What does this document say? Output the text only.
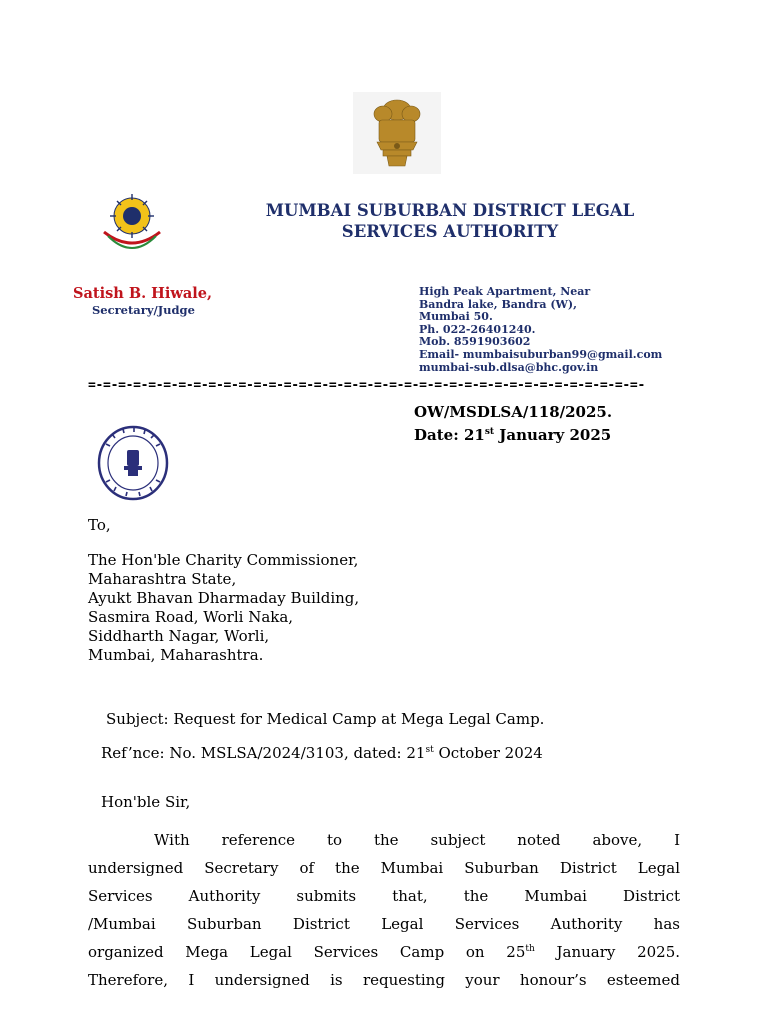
MUMBAI SUBURBAN DISTRICT LEGAL
SERVICES AUTHORITY
Satish B. Hiwale,
Secretary/Judge
High Peak Apartment, Near
Bandra lake, Bandra (W),
Mumbai 50.
Ph. 022-26401240.
Mob. 8591903602
Email- mumbaisuburban99@gmail.com
mumbai-sub.dlsa@bhc.gov.in
=-=-=-=-=-=-=-=-=-=-=-=-=-=-=-=-=-=-=-=-=-=-=-=-=-=-=-=-=-=-=-=-=-=-=-=-=-
OW/MSDLSA/118/2025.
Date: 21st January 2025
To,
The Hon'ble Charity Commissioner,
Maharashtra State,
Ayukt Bhavan Dharmaday Building,
Sasmira Road, Worli Naka,
Siddharth Nagar, Worli,
Mumbai, Maharashtra.
Subject: Request for Medical Camp at Mega Legal Camp.
Ref’nce: No. MSLSA/2024/3103, dated: 21st October 2024
Hon'ble Sir,
With reference to the subject noted above, I
undersigned Secretary of the Mumbai Suburban District Legal
Services Authority submits that, the Mumbai District
/Mumbai Suburban District Legal Services Authority has
organized Mega Legal Services Camp on 25th January 2025.
Therefore, I undersigned is requesting your honour’s esteemed
